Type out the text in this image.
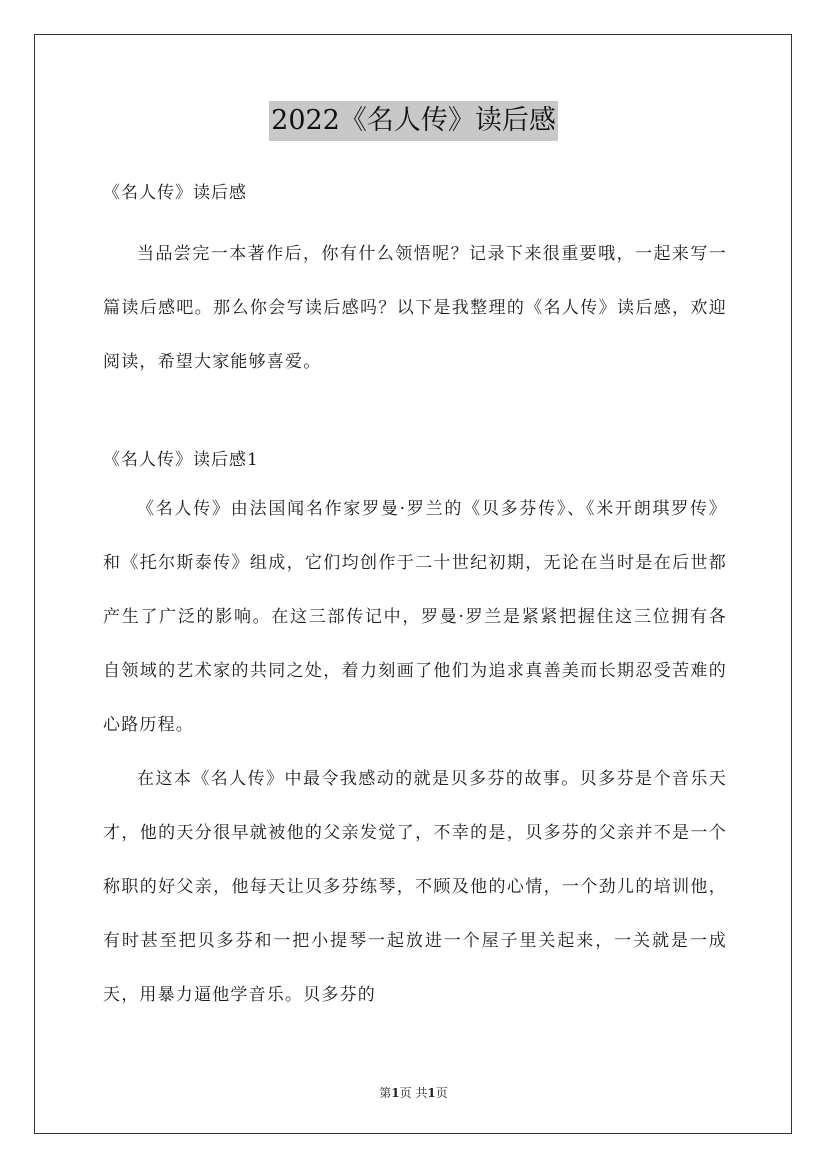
2022《名人传》读后感

《名人传》读后感

当品尝完一本著作后，你有什么领悟呢？记录下来很重要哦，一起来写一篇读后感吧。那么你会写读后感吗？以下是我整理的《名人传》读后感，欢迎阅读，希望大家能够喜爱。

《名人传》读后感1

《名人传》由法国闻名作家罗曼·罗兰的《贝多芬传》、《米开朗琪罗传》和《托尔斯泰传》组成，它们均创作于二十世纪初期，无论在当时是在后世都产生了广泛的影响。在这三部传记中，罗曼·罗兰是紧紧把握住这三位拥有各自领域的艺术家的共同之处，着力刻画了他们为追求真善美而长期忍受苦难的心路历程。

在这本《名人传》中最令我感动的就是贝多芬的故事。贝多芬是个音乐天才，他的天分很早就被他的父亲发觉了，不幸的是，贝多芬的父亲并不是一个称职的好父亲，他每天让贝多芬练琴，不顾及他的心情，一个劲儿的培训他，有时甚至把贝多芬和一把小提琴一起放进一个屋子里关起来，一关就是一成天，用暴力逼他学音乐。贝多芬的

第1页 共1页
